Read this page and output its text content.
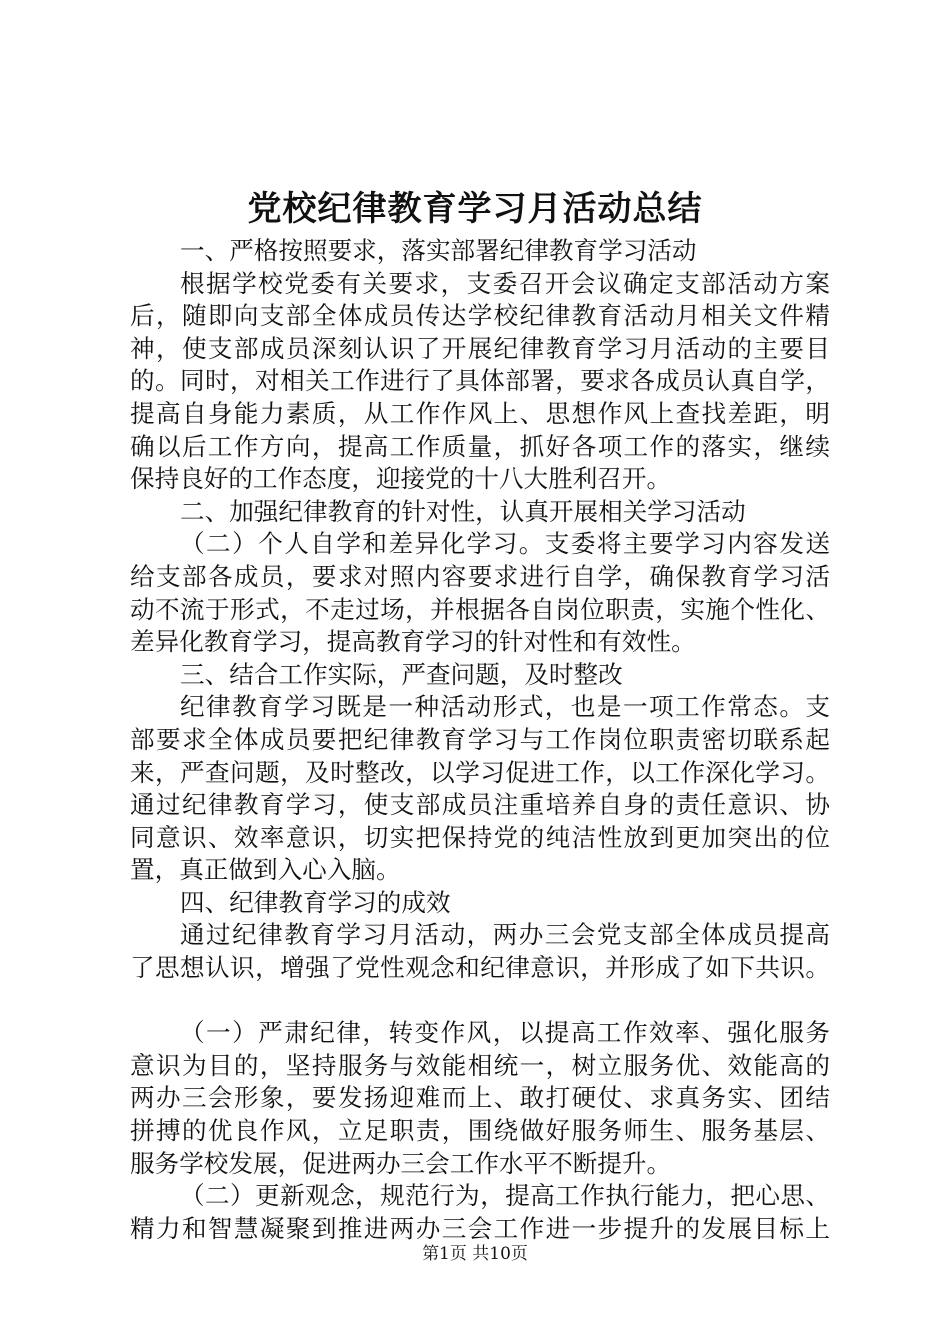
党校纪律教育学习月活动总结
一、严格按照要求，落实部署纪律教育学习活动
根据学校党委有关要求，支委召开会议确定支部活动方案
后，随即向支部全体成员传达学校纪律教育活动月相关文件精
神，使支部成员深刻认识了开展纪律教育学习月活动的主要目
的。同时，对相关工作进行了具体部署，要求各成员认真自学，
提高自身能力素质，从工作作风上、思想作风上查找差距，明
确以后工作方向，提高工作质量，抓好各项工作的落实，继续
保持良好的工作态度，迎接党的十八大胜利召开。
二、加强纪律教育的针对性，认真开展相关学习活动
（二）个人自学和差异化学习。支委将主要学习内容发送
给支部各成员，要求对照内容要求进行自学，确保教育学习活
动不流于形式，不走过场，并根据各自岗位职责，实施个性化、
差异化教育学习，提高教育学习的针对性和有效性。
三、结合工作实际，严查问题，及时整改
纪律教育学习既是一种活动形式，也是一项工作常态。支
部要求全体成员要把纪律教育学习与工作岗位职责密切联系起
来，严查问题，及时整改，以学习促进工作，以工作深化学习。
通过纪律教育学习，使支部成员注重培养自身的责任意识、协
同意识、效率意识，切实把保持党的纯洁性放到更加突出的位
置，真正做到入心入脑。
四、纪律教育学习的成效
通过纪律教育学习月活动，两办三会党支部全体成员提高
了思想认识，增强了党性观念和纪律意识，并形成了如下共识。
（一）严肃纪律，转变作风，以提高工作效率、强化服务
意识为目的，坚持服务与效能相统一，树立服务优、效能高的
两办三会形象，要发扬迎难而上、敢打硬仗、求真务实、团结
拼搏的优良作风，立足职责，围绕做好服务师生、服务基层、
服务学校发展，促进两办三会工作水平不断提升。
（二）更新观念，规范行为，提高工作执行能力，把心思、
精力和智慧凝聚到推进两办三会工作进一步提升的发展目标上
第1页 共10页
